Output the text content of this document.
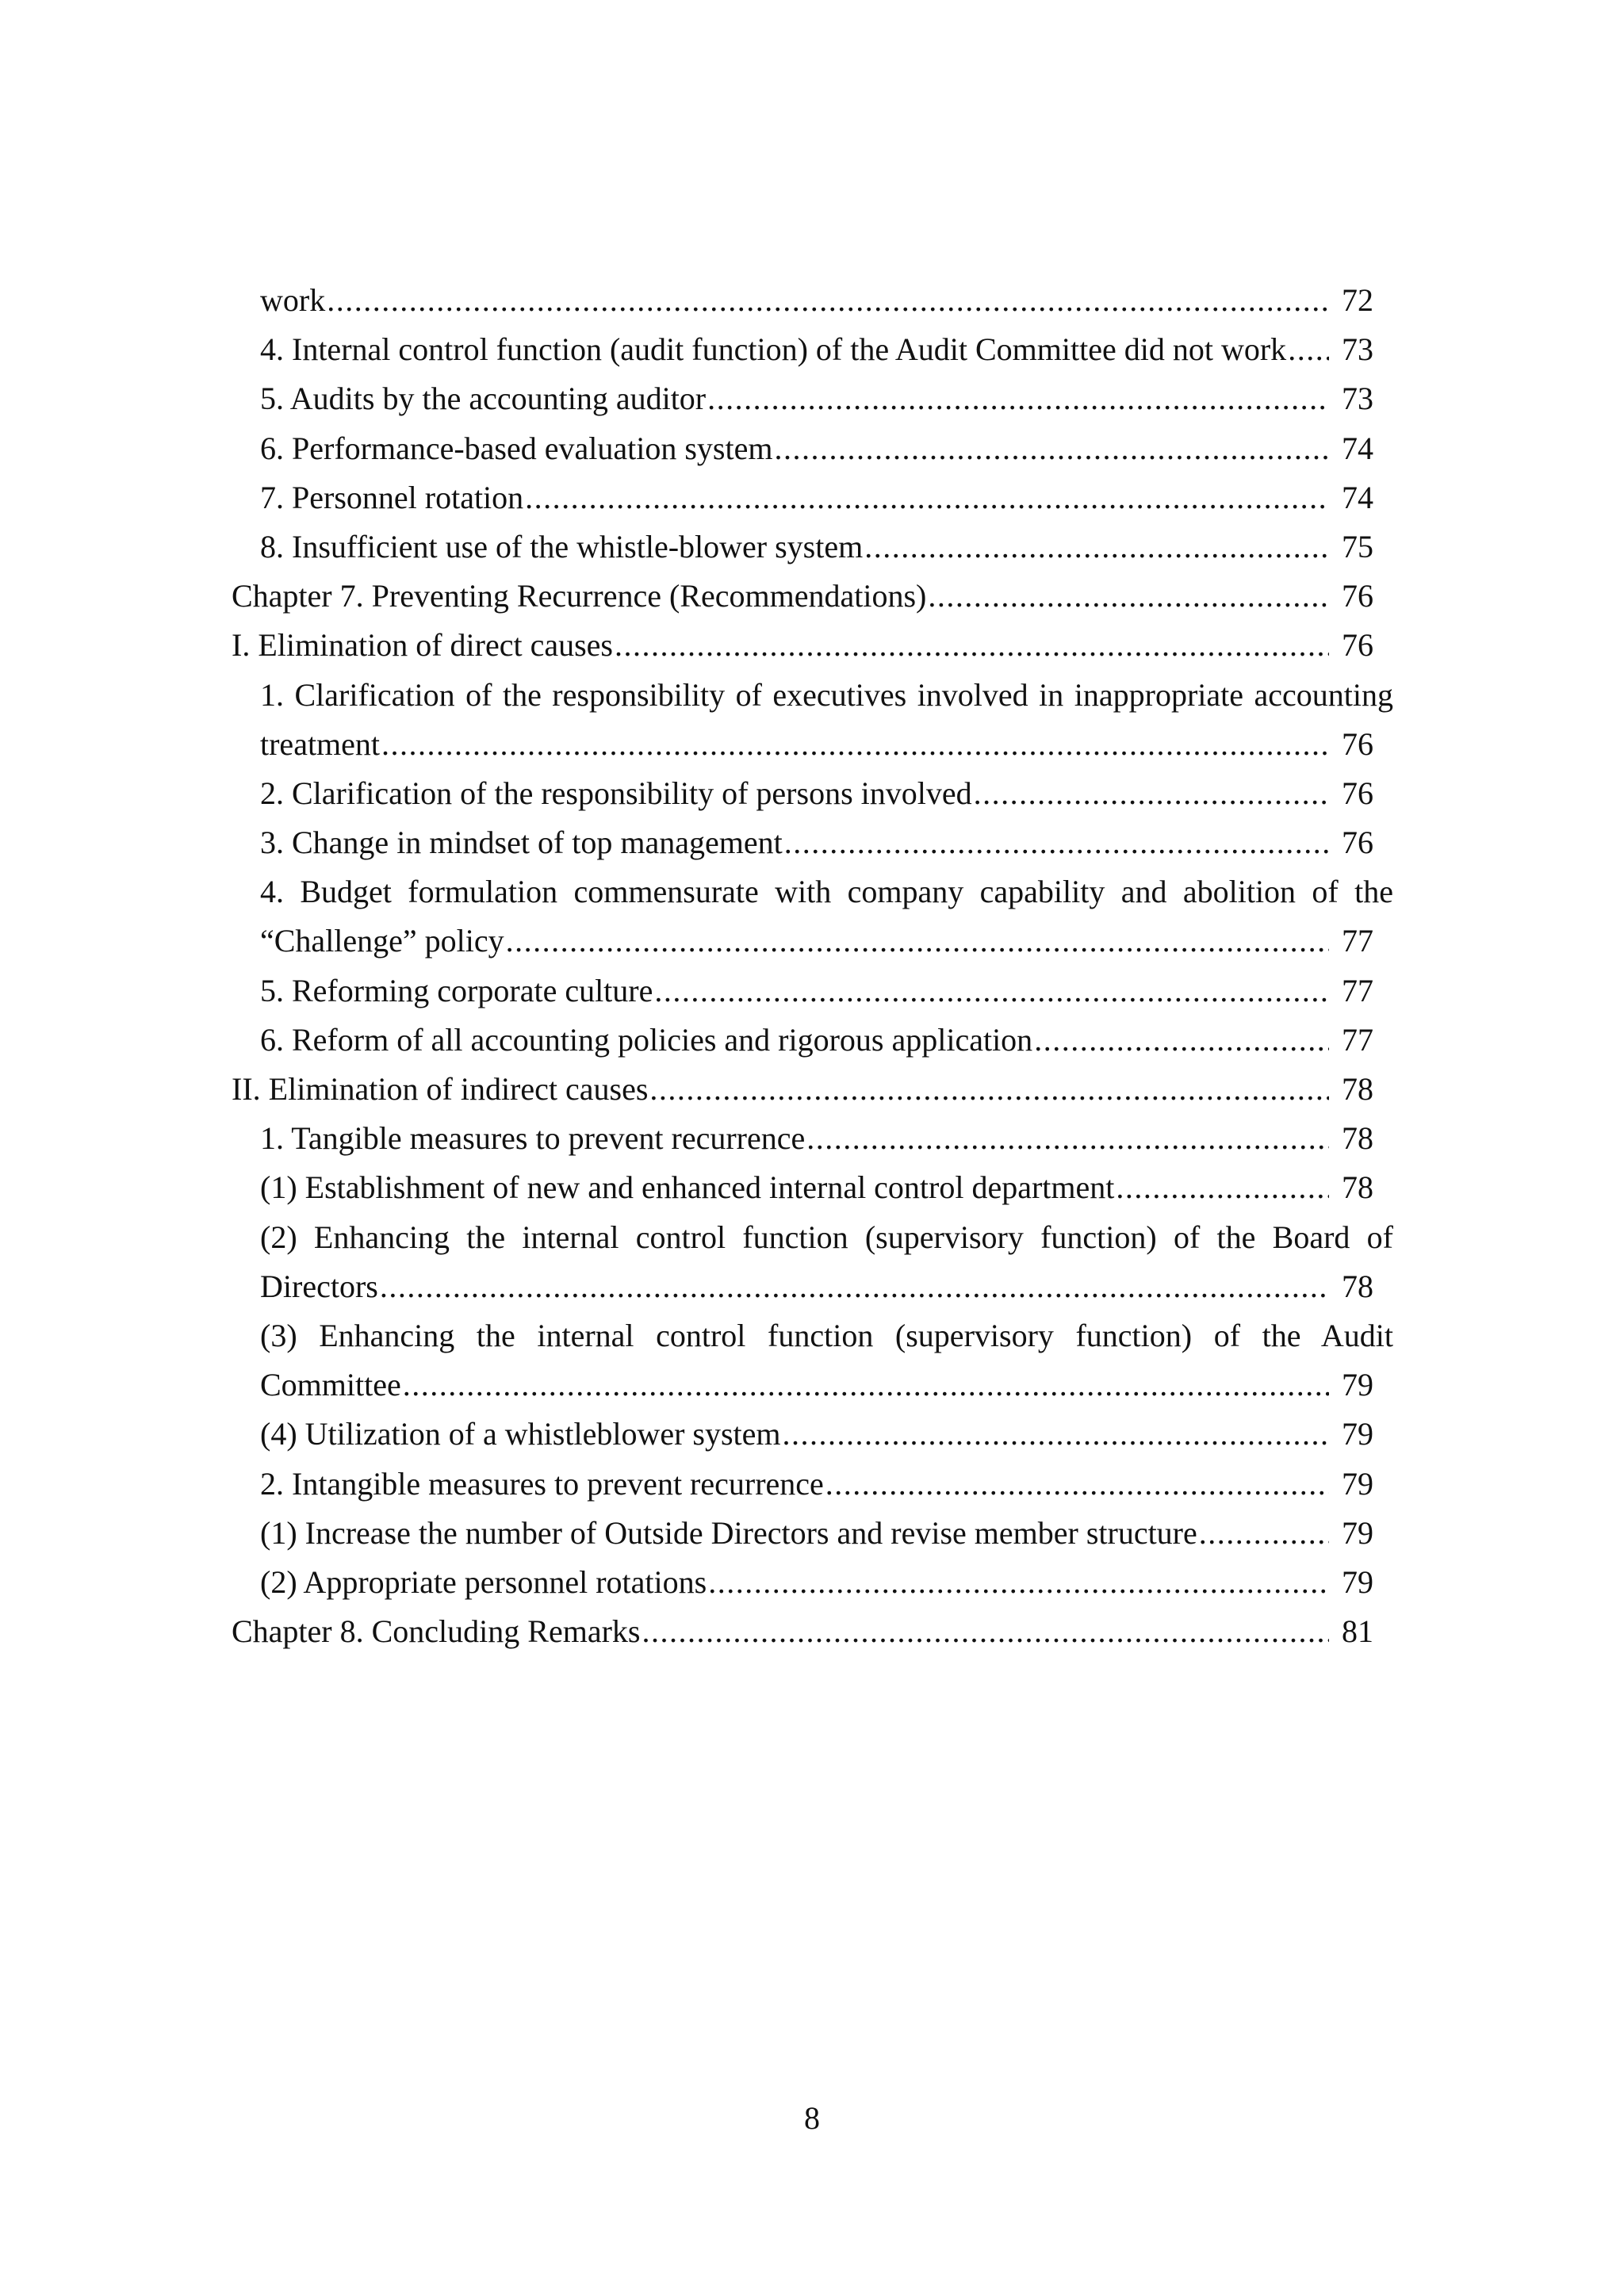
work .....	72
4. Internal control function (audit function) of the Audit Committee did not work ..... 73
5. Audits by the accounting auditor .....	73
6. Performance-based evaluation system .....	74
7. Personnel rotation .....	74
8. Insufficient use of the whistle-blower system .....	75
Chapter 7. Preventing Recurrence (Recommendations) .....	76
I. Elimination of direct causes .....	76
1. Clarification of the responsibility of executives involved in inappropriate accounting
treatment .....	76
2. Clarification of the responsibility of persons involved .....	76
3. Change in mindset of top management .....	76
4. Budget formulation commensurate with company capability and abolition of the
“Challenge” policy .....	77
5. Reforming corporate culture .....	77
6. Reform of all accounting policies and rigorous application .....	77
II. Elimination of indirect causes .....	78
1. Tangible measures to prevent recurrence .....	78
(1) Establishment of new and enhanced internal control department .....	78
(2) Enhancing the internal control function (supervisory function) of the Board of
Directors .....	78
(3) Enhancing the internal control function (supervisory function) of the Audit
Committee .....	79
(4) Utilization of a whistleblower system .....	79
2. Intangible measures to prevent recurrence .....	79
(1) Increase the number of Outside Directors and revise member structure .....	79
(2) Appropriate personnel rotations .....	79
Chapter 8. Concluding Remarks .....	81
8
